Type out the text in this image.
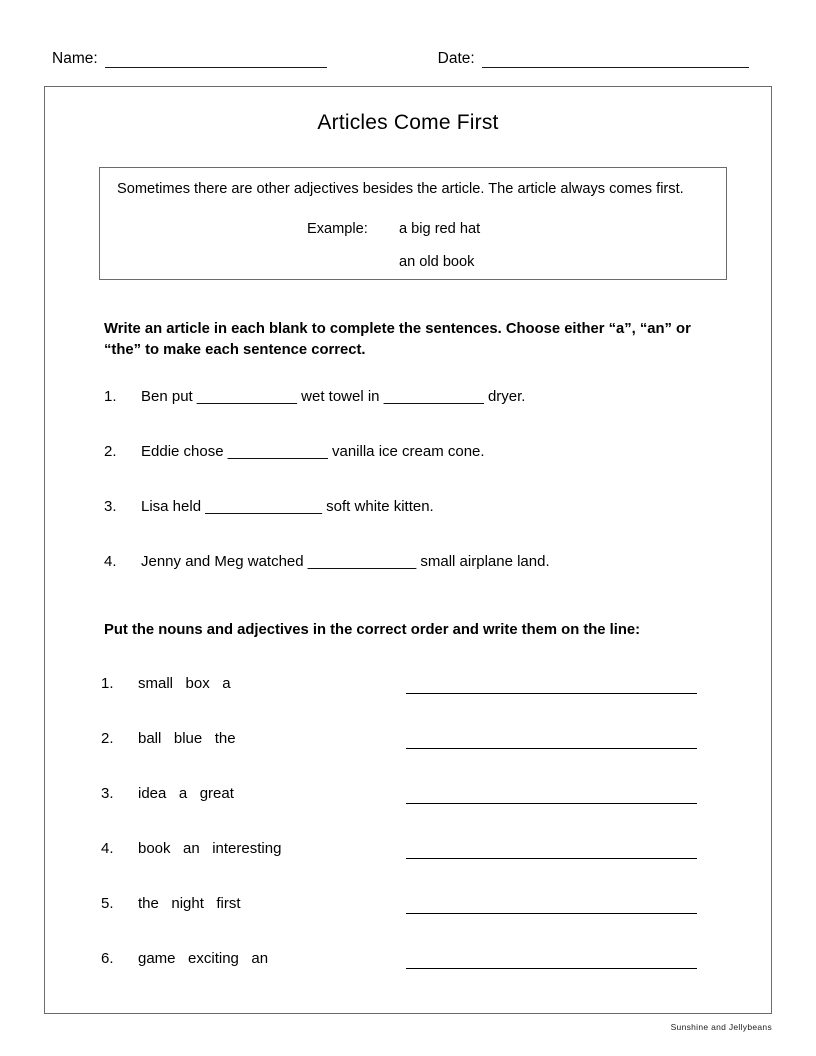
Name:	Date:
Articles Come First
Sometimes there are other adjectives besides the article. The article always comes first.
Example: a big red hat
an old book
Write an article in each blank to complete the sentences. Choose either “a”, “an” or “the” to make each sentence correct.
1.	Ben put ____________ wet towel in ____________ dryer.
2.	Eddie chose ____________ vanilla ice cream cone.
3.	Lisa held ______________ soft white kitten.
4.	Jenny and Meg watched _____________ small airplane land.
Put the nouns and adjectives in the correct order and write them on the line:
1.	small   box   a
2.	ball   blue   the
3.	idea   a   great
4.	book   an   interesting
5.	the   night   first
6.	game   exciting   an
Sunshine and Jellybeans
